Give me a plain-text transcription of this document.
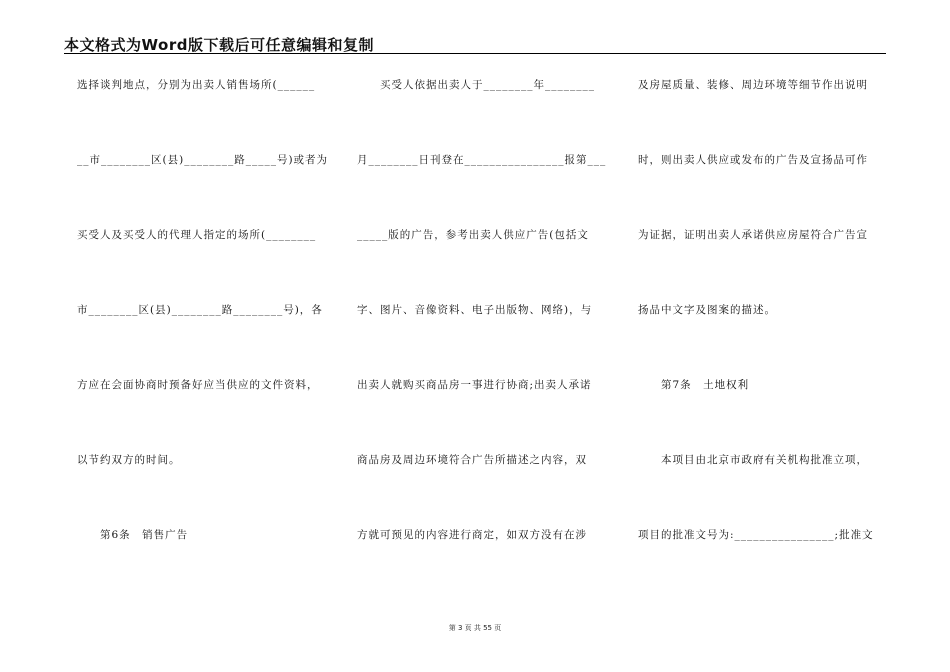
本文格式为Word版下载后可任意编辑和复制
选择谈判地点，分别为出卖人销售场所(______
__市________区(县)________路_____号)或者为
买受人及买受人的代理人指定的场所(________
市________区(县)________路________号)，各
方应在会面协商时预备好应当供应的文件资料，
以节约双方的时间。
　　第6条　销售广告
　　买受人依据出卖人于________年________
月________日刊登在________________报第___
_____版的广告，参考出卖人供应广告(包括文
字、图片、音像资料、电子出版物、网络)，与
出卖人就购买商品房一事进行协商;出卖人承诺
商品房及周边环境符合广告所描述之内容，双
方就可预见的内容进行商定，如双方没有在涉
及房屋质量、装修、周边环境等细节作出说明
时，则出卖人供应或发布的广告及宣扬品可作
为证据，证明出卖人承诺供应房屋符合广告宣
扬品中文字及图案的描述。
　　第7条　土地权利
　　本项目由北京市政府有关机构批准立项，
项目的批准文号为:________________;批准文
第 3 页 共 55 页
